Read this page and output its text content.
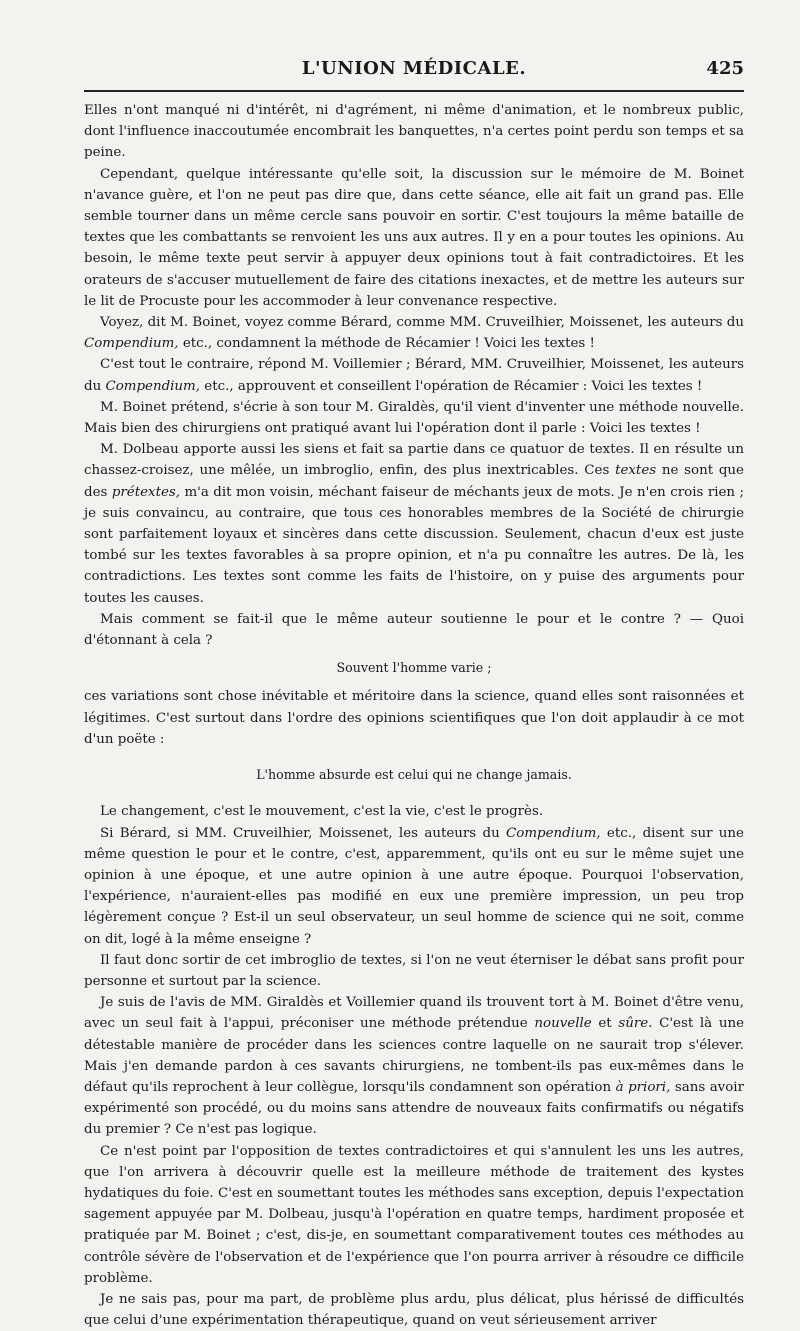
L'UNION MÉDICALE.	425

Elles n'ont manqué ni d'intérêt, ni d'agrément, ni même d'animation, et le nombreux public, dont l'influence inaccoutumée encombrait les banquettes, n'a certes point perdu son temps et sa peine.

Cependant, quelque intéressante qu'elle soit, la discussion sur le mémoire de M. Boinet n'avance guère, et l'on ne peut pas dire que, dans cette séance, elle ait fait un grand pas. Elle semble tourner dans un même cercle sans pouvoir en sortir. C'est toujours la même bataille de textes que les combattants se renvoient les uns aux autres. Il y en a pour toutes les opinions. Au besoin, le même texte peut servir à appuyer deux opinions tout à fait contradictoires. Et les orateurs de s'accuser mutuellement de faire des citations inexactes, et de mettre les auteurs sur le lit de Procuste pour les accommoder à leur convenance respective.

Voyez, dit M. Boinet, voyez comme Bérard, comme MM. Cruveilhier, Moissenet, les auteurs du Compendium, etc., condamnent la méthode de Récamier ! Voici les textes !

C'est tout le contraire, répond M. Voillemier ; Bérard, MM. Cruveilhier, Moissenet, les auteurs du Compendium, etc., approuvent et conseillent l'opération de Récamier : Voici les textes !

M. Boinet prétend, s'écrie à son tour M. Giraldès, qu'il vient d'inventer une méthode nouvelle. Mais bien des chirurgiens ont pratiqué avant lui l'opération dont il parle : Voici les textes !

M. Dolbeau apporte aussi les siens et fait sa partie dans ce quatuor de textes. Il en résulte un chassez-croisez, une mêlée, un imbroglio, enfin, des plus inextricables. Ces textes ne sont que des prétextes, m'a dit mon voisin, méchant faiseur de méchants jeux de mots. Je n'en crois rien ; je suis convaincu, au contraire, que tous ces honorables membres de la Société de chirurgie sont parfaitement loyaux et sincères dans cette discussion. Seulement, chacun d'eux est juste tombé sur les textes favorables à sa propre opinion, et n'a pu connaître les autres. De là, les contradictions. Les textes sont comme les faits de l'histoire, on y puise des arguments pour toutes les causes.

Mais comment se fait-il que le même auteur soutienne le pour et le contre ? — Quoi d'étonnant à cela ?

Souvent l'homme varie ;

ces variations sont chose inévitable et méritoire dans la science, quand elles sont raisonnées et légitimes. C'est surtout dans l'ordre des opinions scientifiques que l'on doit applaudir à ce mot d'un poëte :

L'homme absurde est celui qui ne change jamais.

Le changement, c'est le mouvement, c'est la vie, c'est le progrès.

Si Bérard, si MM. Cruveilhier, Moissenet, les auteurs du Compendium, etc., disent sur une même question le pour et le contre, c'est, apparemment, qu'ils ont eu sur le même sujet une opinion à une époque, et une autre opinion à une autre époque. Pourquoi l'observation, l'expérience, n'auraient-elles pas modifié en eux une première impression, un peu trop légèrement conçue ? Est-il un seul observateur, un seul homme de science qui ne soit, comme on dit, logé à la même enseigne ?

Il faut donc sortir de cet imbroglio de textes, si l'on ne veut éterniser le débat sans profit pour personne et surtout par la science.

Je suis de l'avis de MM. Giraldès et Voillemier quand ils trouvent tort à M. Boinet d'être venu, avec un seul fait à l'appui, préconiser une méthode prétendue nouvelle et sûre. C'est là une détestable manière de procéder dans les sciences contre laquelle on ne saurait trop s'élever. Mais j'en demande pardon à ces savants chirurgiens, ne tombent-ils pas eux-mêmes dans le défaut qu'ils reprochent à leur collègue, lorsqu'ils condamnent son opération à priori, sans avoir expérimenté son procédé, ou du moins sans attendre de nouveaux faits confirmatifs ou négatifs du premier ? Ce n'est pas logique.

Ce n'est point par l'opposition de textes contradictoires et qui s'annulent les uns les autres, que l'on arrivera à découvrir quelle est la meilleure méthode de traitement des kystes hydatiques du foie. C'est en soumettant toutes les méthodes sans exception, depuis l'expectation sagement appuyée par M. Dolbeau, jusqu'à l'opération en quatre temps, hardiment proposée et pratiquée par M. Boinet ; c'est, dis-je, en soumettant comparativement toutes ces méthodes au contrôle sévère de l'observation et de l'expérience que l'on pourra arriver à résoudre ce difficile problème.

Je ne sais pas, pour ma part, de problème plus ardu, plus délicat, plus hérissé de difficultés que celui d'une expérimentation thérapeutique, quand on veut sérieusement arriver
